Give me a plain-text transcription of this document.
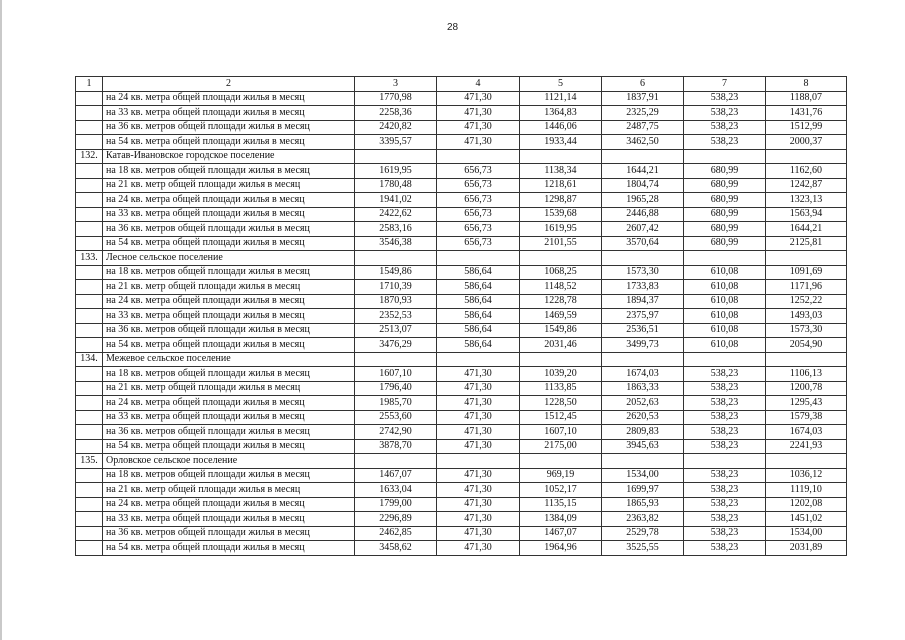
28
1	2	3	4	5	6	7	8
	на 24 кв. метра общей площади жилья в месяц	1770,98	471,30	1121,14	1837,91	538,23	1188,07
	на 33 кв. метра общей площади жилья в месяц	2258,36	471,30	1364,83	2325,29	538,23	1431,76
	на 36 кв. метров общей площади жилья в месяц	2420,82	471,30	1446,06	2487,75	538,23	1512,99
	на 54 кв. метра общей площади жилья в месяц	3395,57	471,30	1933,44	3462,50	538,23	2000,37
132.	Катав-Ивановское городское поселение						
	на 18 кв. метров общей площади жилья в месяц	1619,95	656,73	1138,34	1644,21	680,99	1162,60
	на 21 кв. метр общей площади жилья в месяц	1780,48	656,73	1218,61	1804,74	680,99	1242,87
	на 24 кв. метра общей площади жилья в месяц	1941,02	656,73	1298,87	1965,28	680,99	1323,13
	на 33 кв. метра общей площади жилья в месяц	2422,62	656,73	1539,68	2446,88	680,99	1563,94
	на 36 кв. метров общей площади жилья в месяц	2583,16	656,73	1619,95	2607,42	680,99	1644,21
	на 54 кв. метра общей площади жилья в месяц	3546,38	656,73	2101,55	3570,64	680,99	2125,81
133.	Лесное сельское поселение						
	на 18 кв. метров общей площади жилья в месяц	1549,86	586,64	1068,25	1573,30	610,08	1091,69
	на 21 кв. метр общей площади жилья в месяц	1710,39	586,64	1148,52	1733,83	610,08	1171,96
	на 24 кв. метра общей площади жилья в месяц	1870,93	586,64	1228,78	1894,37	610,08	1252,22
	на 33 кв. метра общей площади жилья в месяц	2352,53	586,64	1469,59	2375,97	610,08	1493,03
	на 36 кв. метров общей площади жилья в месяц	2513,07	586,64	1549,86	2536,51	610,08	1573,30
	на 54 кв. метра общей площади жилья в месяц	3476,29	586,64	2031,46	3499,73	610,08	2054,90
134.	Межевое сельское поселение						
	на 18 кв. метров общей площади жилья в месяц	1607,10	471,30	1039,20	1674,03	538,23	1106,13
	на 21 кв. метр общей площади жилья в месяц	1796,40	471,30	1133,85	1863,33	538,23	1200,78
	на 24 кв. метра общей площади жилья в месяц	1985,70	471,30	1228,50	2052,63	538,23	1295,43
	на 33 кв. метра общей площади жилья в месяц	2553,60	471,30	1512,45	2620,53	538,23	1579,38
	на 36 кв. метров общей площади жилья в месяц	2742,90	471,30	1607,10	2809,83	538,23	1674,03
	на 54 кв. метра общей площади жилья в месяц	3878,70	471,30	2175,00	3945,63	538,23	2241,93
135.	Орловское сельское поселение						
	на 18 кв. метров общей площади жилья в месяц	1467,07	471,30	969,19	1534,00	538,23	1036,12
	на 21 кв. метр общей площади жилья в месяц	1633,04	471,30	1052,17	1699,97	538,23	1119,10
	на 24 кв. метра общей площади жилья в месяц	1799,00	471,30	1135,15	1865,93	538,23	1202,08
	на 33 кв. метра общей площади жилья в месяц	2296,89	471,30	1384,09	2363,82	538,23	1451,02
	на 36 кв. метров общей площади жилья в месяц	2462,85	471,30	1467,07	2529,78	538,23	1534,00
	на 54 кв. метра общей площади жилья в месяц	3458,62	471,30	1964,96	3525,55	538,23	2031,89
